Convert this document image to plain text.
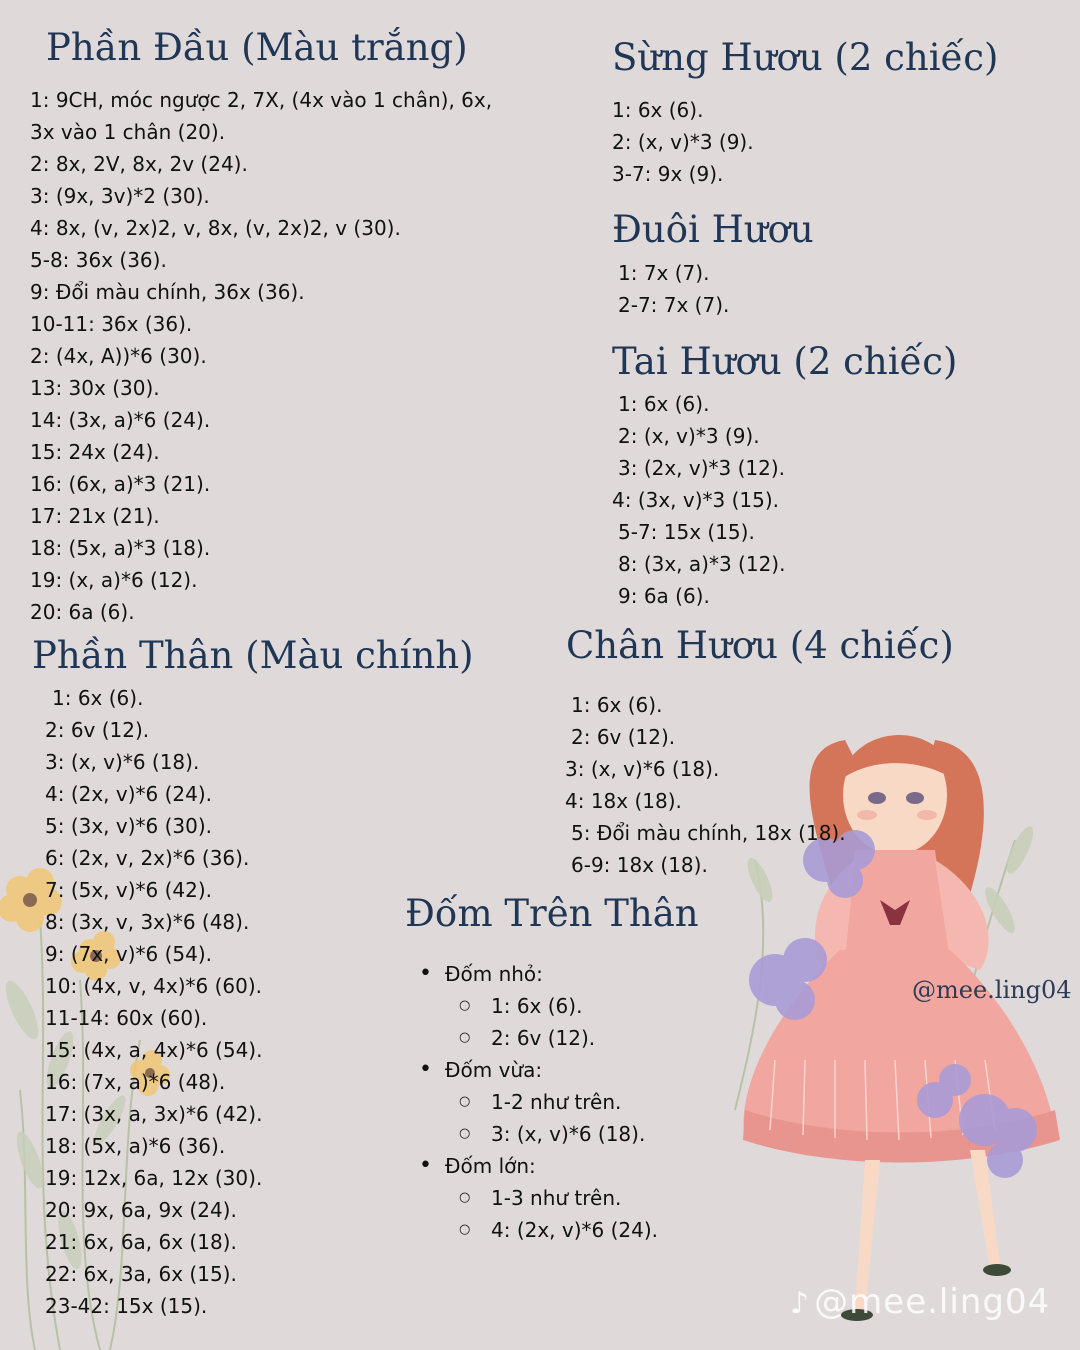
Phần Đầu (Màu trắng)
1: 9CH, móc ngược 2, 7X, (4x vào 1 chân), 6x,
3x vào 1 chân (20).
2: 8x, 2V, 8x, 2v (24).
3: (9x, 3v)*2 (30).
4: 8x, (v, 2x)2, v, 8x, (v, 2x)2, v (30).
5-8: 36x (36).
9: Đổi màu chính, 36x (36).
10-11: 36x (36).
2: (4x, A))*6 (30).
13: 30x (30).
14: (3x, a)*6 (24).
15: 24x (24).
16: (6x, a)*3 (21).
17: 21x (21).
18: (5x, a)*3 (18).
19: (x, a)*6 (12).
20: 6a (6).
Phần Thân (Màu chính)
1: 6x (6).
2: 6v (12).
3: (x, v)*6 (18).
4: (2x, v)*6 (24).
5: (3x, v)*6 (30).
6: (2x, v, 2x)*6 (36).
7: (5x, v)*6 (42).
8: (3x, v, 3x)*6 (48).
9: (7x, v)*6 (54).
10: (4x, v, 4x)*6 (60).
11-14: 60x (60).
15: (4x, a, 4x)*6 (54).
16: (7x, a)*6 (48).
17: (3x, a, 3x)*6 (42).
18: (5x, a)*6 (36).
19: 12x, 6a, 12x (30).
20: 9x, 6a, 9x (24).
21: 6x, 6a, 6x (18).
22: 6x, 3a, 6x (15).
23-42: 15x (15).
Sừng Hươu (2 chiếc)
1: 6x (6).
2: (x, v)*3 (9).
3-7: 9x (9).
Đuôi Hươu
1: 7x (7).
2-7: 7x (7).
Tai Hươu (2 chiếc)
1: 6x (6).
2: (x, v)*3 (9).
3: (2x, v)*3 (12).
4: (3x, v)*3 (15).
5-7: 15x (15).
8: (3x, a)*3 (12).
9: 6a (6).
Chân Hươu (4 chiếc)
1: 6x (6).
2: 6v (12).
3: (x, v)*6 (18).
4: 18x (18).
5: Đổi màu chính, 18x (18).
6-9: 18x (18).
Đốm Trên Thân
• Đốm nhỏ:
○ 1: 6x (6).
○ 2: 6v (12).
• Đốm vừa:
○ 1-2 như trên.
○ 3: (x, v)*6 (18).
• Đốm lớn:
○ 1-3 như trên.
○ 4: (2x, v)*6 (24).
@mee.ling04
♪ @mee.ling04
